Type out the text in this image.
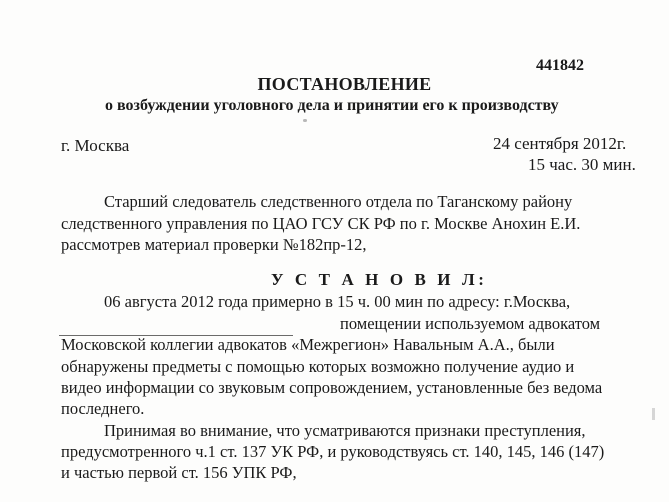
441842
ПОСТАНОВЛЕНИЕ
о возбуждении уголовного дела и принятии его к производству
г. Москва	24 сентября 2012г.
15 час. 30 мин.
Старший следователь следственного отдела по Таганскому району
следственного управления по ЦАО ГСУ СК РФ по г. Москве Анохин Е.И.
рассмотрев материал проверки №182пр-12,
У С Т А Н О В И Л:
06 августа 2012 года примерно в 15 ч. 00 мин по адресу: г.Москва,
помещении используемом адвокатом
Московской коллегии адвокатов «Межрегион» Навальным А.А., были
обнаружены предметы с помощью которых возможно получение аудио и
видео информации со звуковым сопровождением, установленные без ведома
последнего.
Принимая во внимание, что усматриваются признаки преступления,
предусмотренного ч.1 ст. 137 УК РФ, и руководствуясь ст. 140, 145, 146 (147)
и частью первой ст. 156 УПК РФ,
